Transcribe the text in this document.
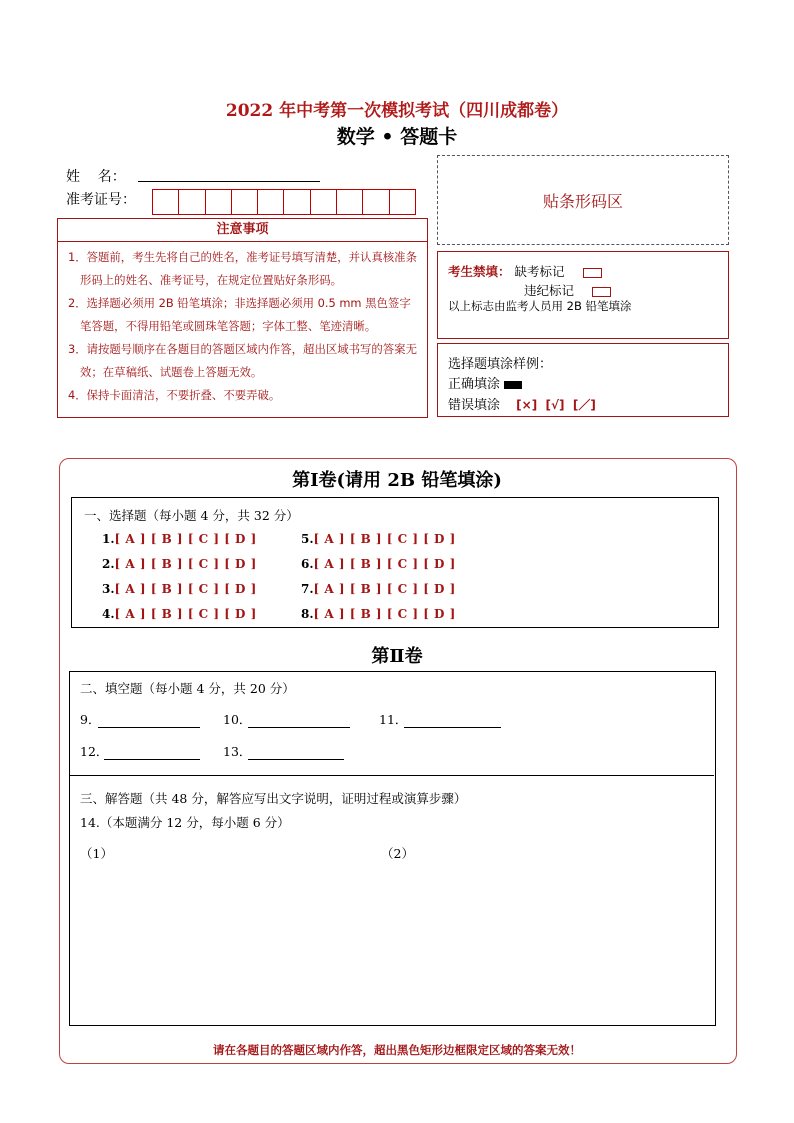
2022 年中考第一次模拟考试（四川成都卷）
数学 • 答题卡
姓    名：
准考证号：	贴条形码区
注意事项
1．答题前，考生先将自己的姓名，准考证号填写清楚，并认真核准条形码上的姓名、准考证号，在规定位置贴好条形码。
2．选择题必须用 2B 铅笔填涂；非选择题必须用 0.5 mm 黑色签字笔答题，不得用铅笔或圆珠笔答题；字体工整、笔迹清晰。
3．请按题号顺序在各题目的答题区域内作答，超出区域书写的答案无效；在草稿纸、试题卷上答题无效。
4．保持卡面清洁，不要折叠、不要弄破。
考生禁填： 缺考标记
违纪标记
以上标志由监考人员用 2B 铅笔填涂
选择题填涂样例：
正确填涂
错误填涂 [×]  [√]  [／]
第Ⅰ卷(请用 2B 铅笔填涂)
一、选择题（每小题 4 分，共 32 分）
1.[ A ] [ B ] [ C ] [ D ]
2.[ A ] [ B ] [ C ] [ D ]
3.[ A ] [ B ] [ C ] [ D ]
4.[ A ] [ B ] [ C ] [ D ]
5.[ A ] [ B ] [ C ] [ D ]
6.[ A ] [ B ] [ C ] [ D ]
7.[ A ] [ B ] [ C ] [ D ]
8.[ A ] [ B ] [ C ] [ D ]
第Ⅱ卷
二、填空题（每小题 4 分，共 20 分）
9．	10．	11．
12．	13．
三、解答题（共 48 分，解答应写出文字说明，证明过程或演算步骤）
14.（本题满分 12 分，每小题 6 分）
（1）	（2）
请在各题目的答题区域内作答，超出黑色矩形边框限定区域的答案无效！
